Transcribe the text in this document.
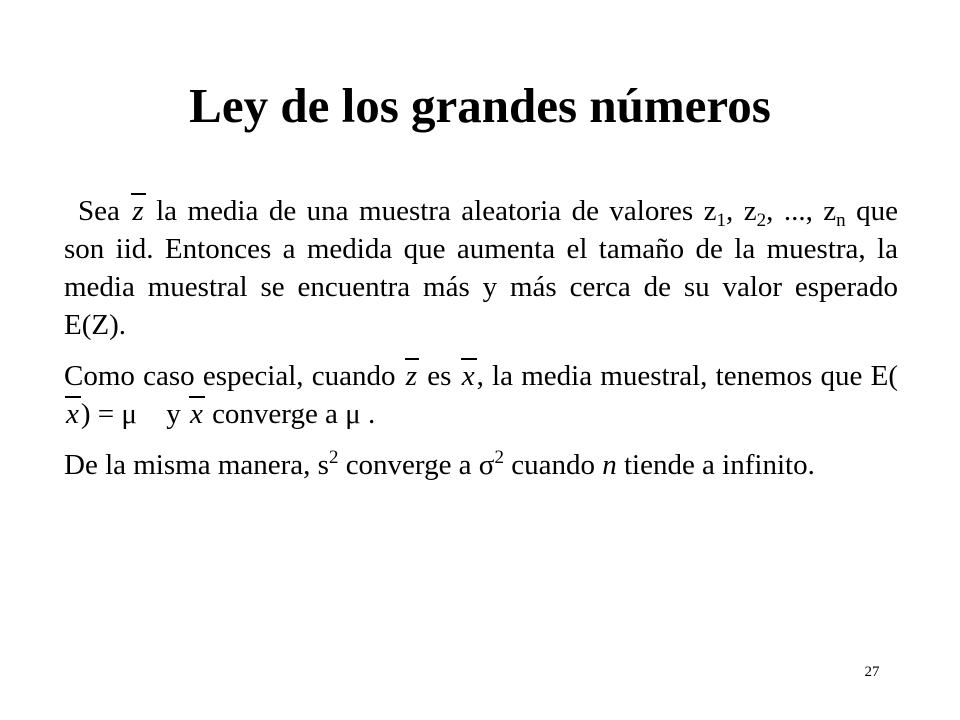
Ley de los grandes números

Sea z la media de una muestra aleatoria de valores $z_1$, $z_2$, ..., $z_n$ que son iid. Entonces a medida que aumenta el tamaño de la muestra, la media muestral se encuentra más y más cerca de su valor esperado E(Z).

Como caso especial, cuando z es x, la media muestral, tenemos que E(x) = μ y x converge a μ .

De la misma manera, $s^2$ converge a $\sigma^2$ cuando n tiende a infinito.

27
